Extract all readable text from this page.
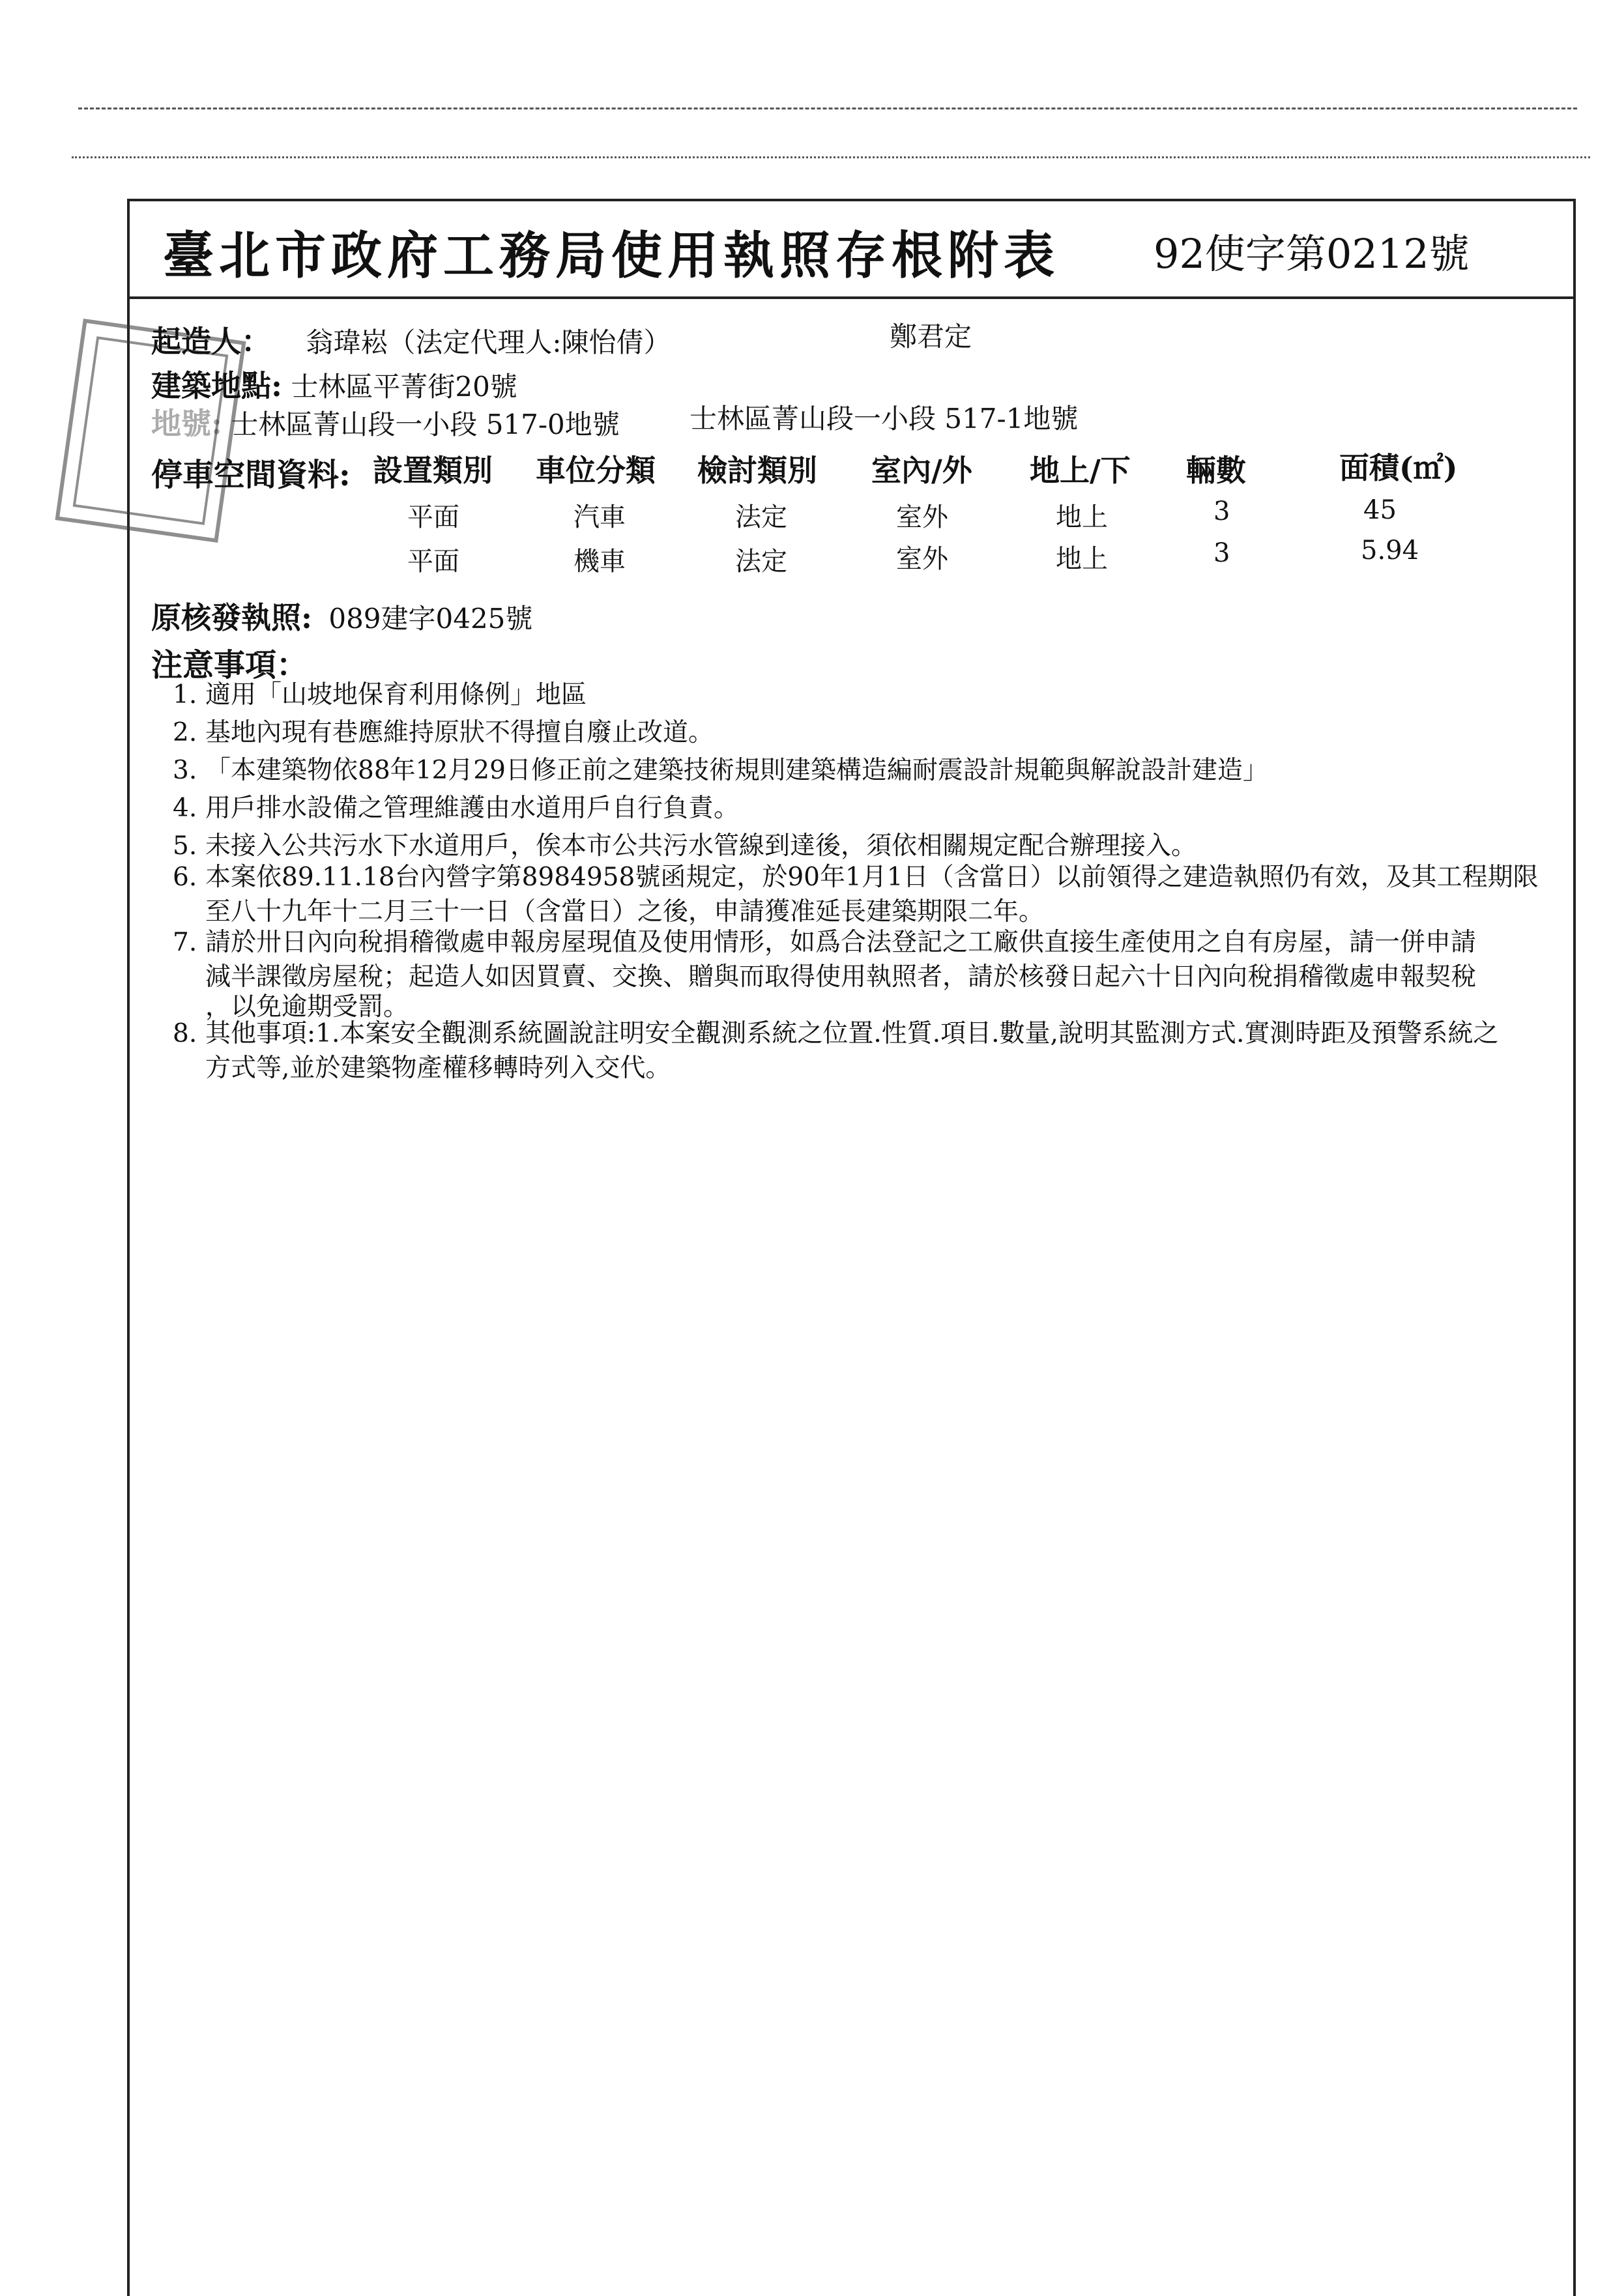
臺北市政府工務局使用執照存根附表 92使字第0212號
起造人： 翁瑋崧（法定代理人:陳怡倩）	鄭君定
建築地點: 士林區平菁街20號
地號: 士林區菁山段一小段 517-0地號	士林區菁山段一小段 517-1地號
停車空間資料: 設置類別 車位分類 檢討類別 室內/外 地上/下 輛數	面積(㎡)
平面	汽車	法定	室外	地上	3	45
平面	機車	法定	室外	地上	3	5.94
原核發執照: 089建字0425號
注意事項：
1. 適用「山坡地保育利用條例」地區
2. 基地內現有巷應維持原狀不得擅自廢止改道。
3. 「本建築物依88年12月29日修正前之建築技術規則建築構造編耐震設計規範與解說設計建造」
4. 用戶排水設備之管理維護由水道用戶自行負責。
5. 未接入公共污水下水道用戶，俟本市公共污水管線到達後，須依相關規定配合辦理接入。
6. 本案依89.11.18台內營字第8984958號函規定，於90年1月1日（含當日）以前領得之建造執照仍有效，及其工程期限
至八十九年十二月三十一日（含當日）之後，申請獲准延長建築期限二年。
7. 請於卅日內向稅捐稽徵處申報房屋現值及使用情形，如爲合法登記之工廠供直接生產使用之自有房屋，請一併申請
減半課徵房屋稅；起造人如因買賣、交換、贈與而取得使用執照者，請於核發日起六十日內向稅捐稽徵處申報契稅
，以免逾期受罰。
8. 其他事項:1.本案安全觀測系統圖說註明安全觀測系統之位置.性質.項目.數量,說明其監測方式.實測時距及預警系統之
方式等,並於建築物產權移轉時列入交代。
